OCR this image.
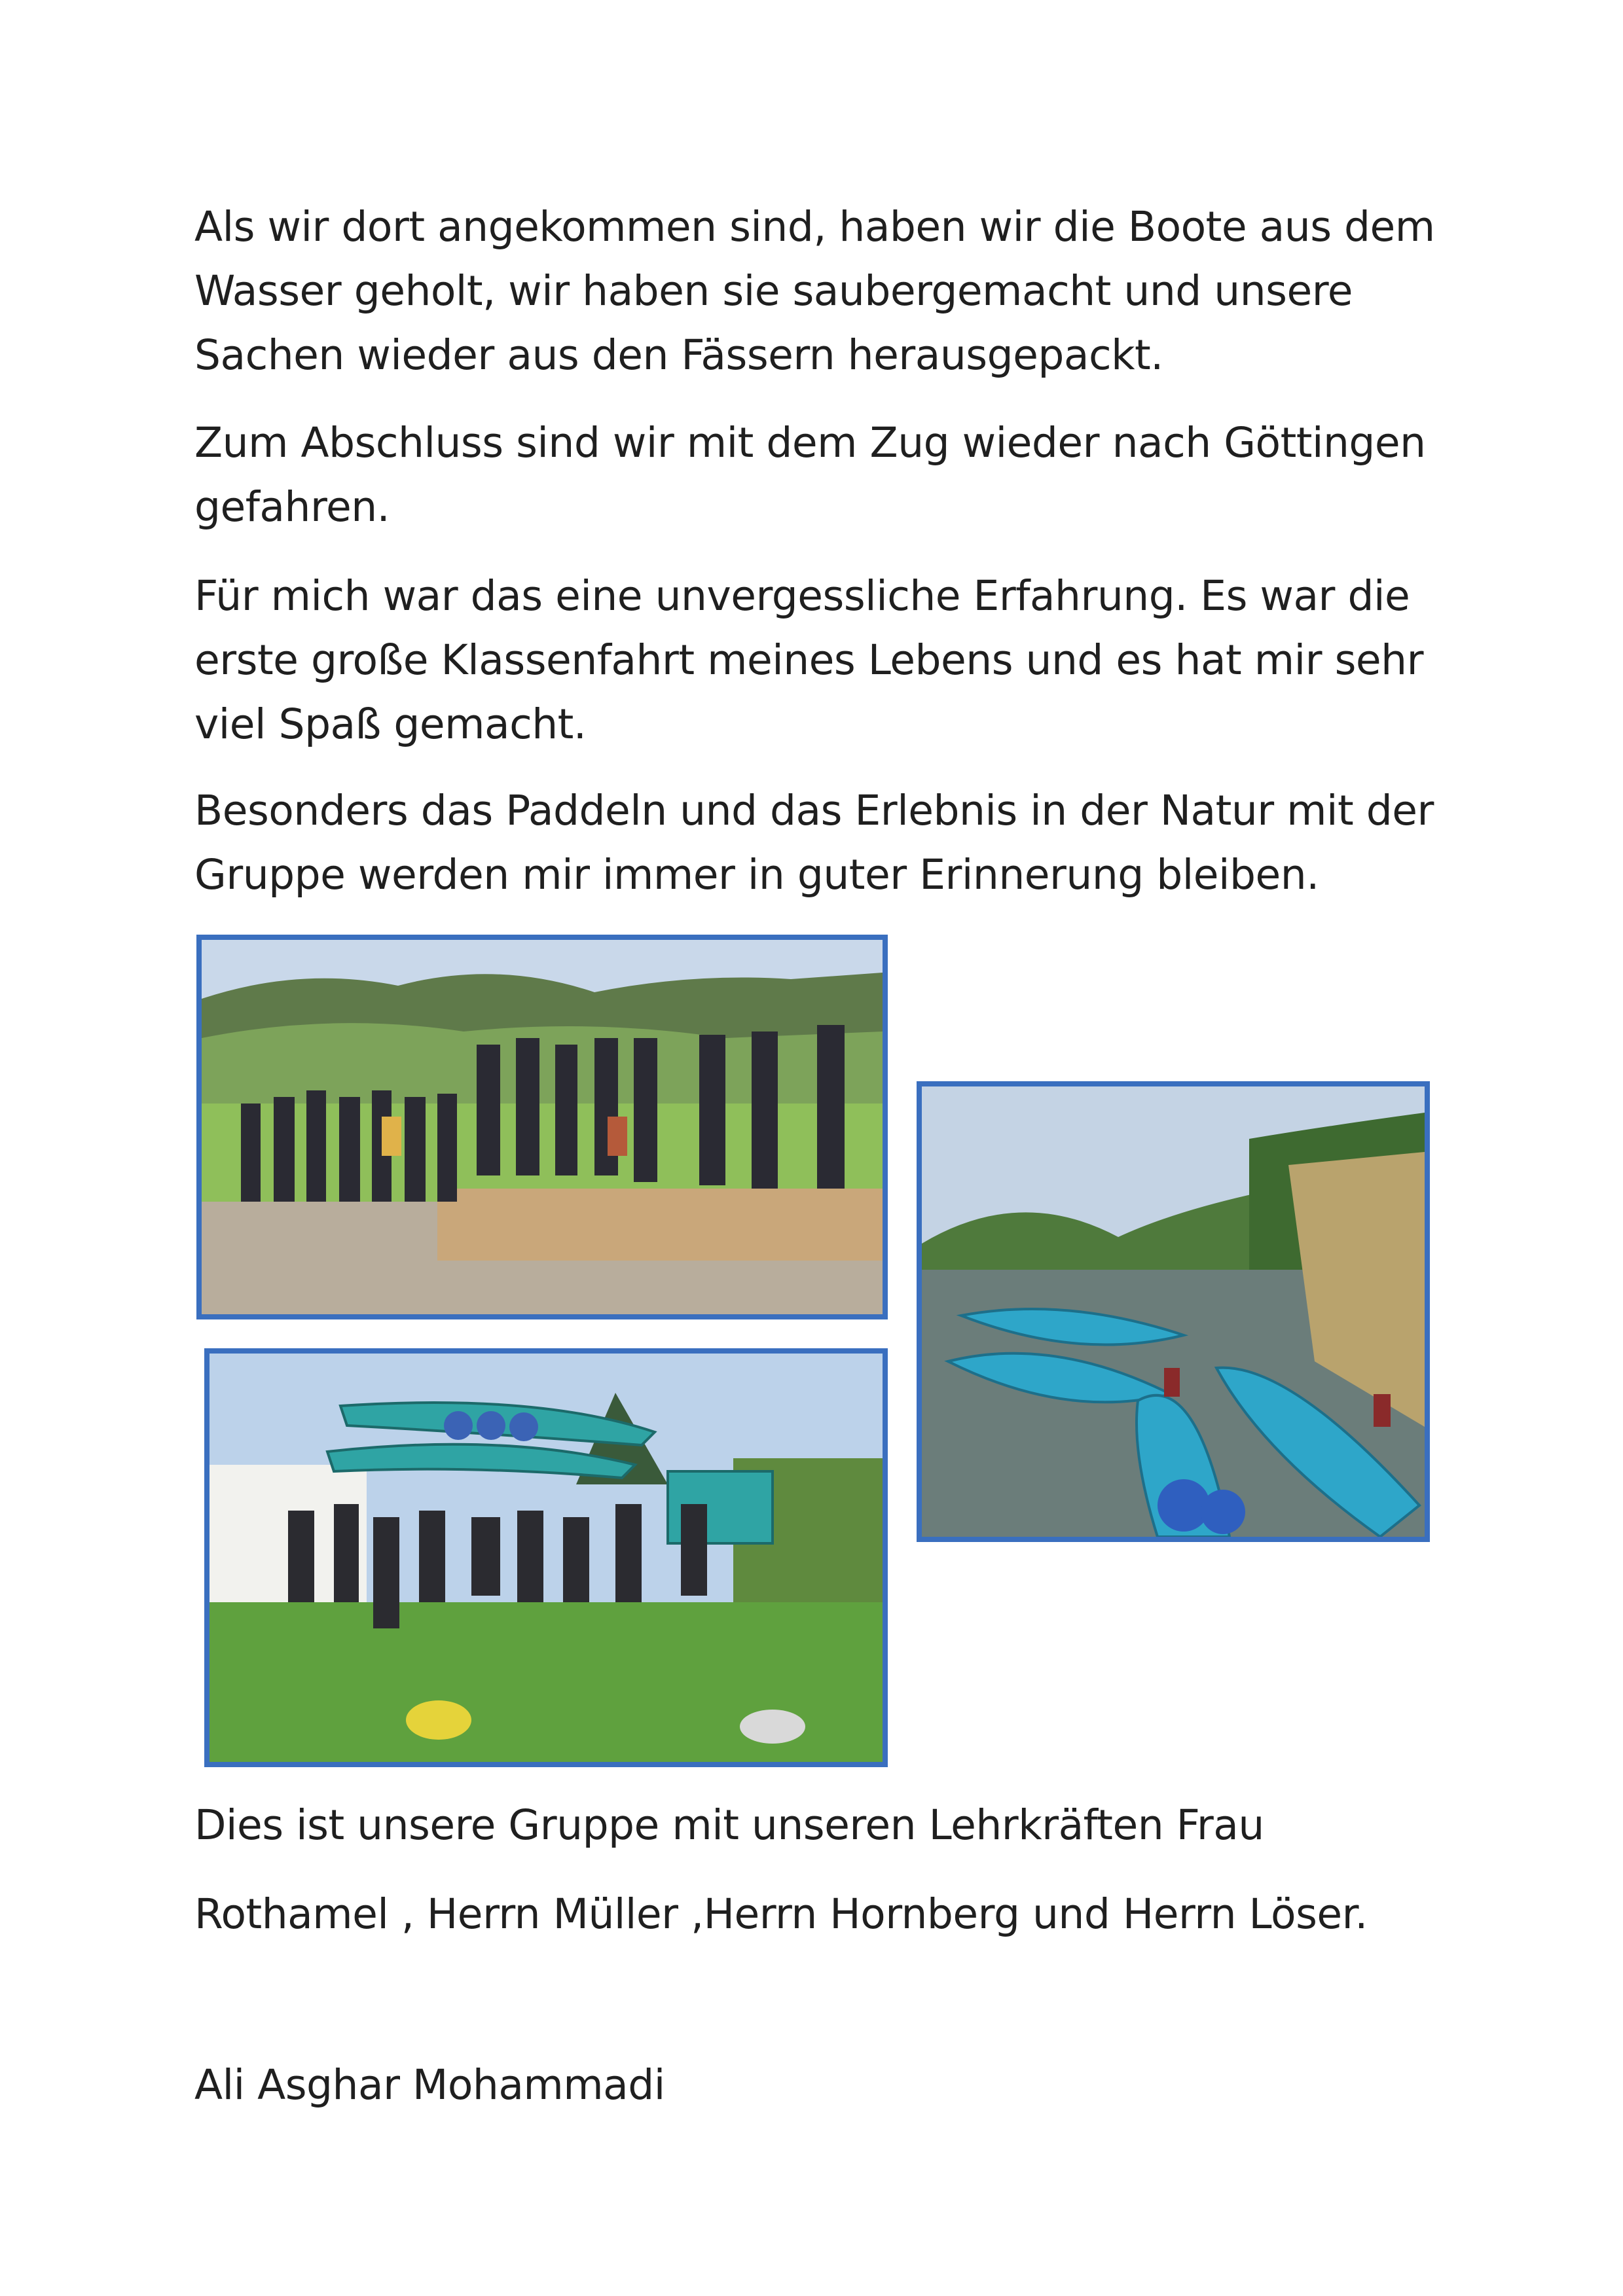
Als wir dort angekommen sind, haben wir die Boote aus dem Wasser geholt, wir haben sie saubergemacht und unsere Sachen wieder aus den Fässern herausgepackt.

Zum Abschluss sind wir mit dem Zug wieder nach Göttingen gefahren.

Für mich war das eine unvergessliche Erfahrung. Es war die erste große Klassenfahrt meines Lebens und es hat mir sehr viel Spaß gemacht.

Besonders das Paddeln und das Erlebnis in der Natur mit der Gruppe werden mir immer in guter Erinnerung bleiben.

Dies ist unsere Gruppe mit unseren Lehrkräften Frau

Rothamel , Herrn Müller ,Herrn Hornberg und Herrn Löser.

Ali Asghar Mohammadi
